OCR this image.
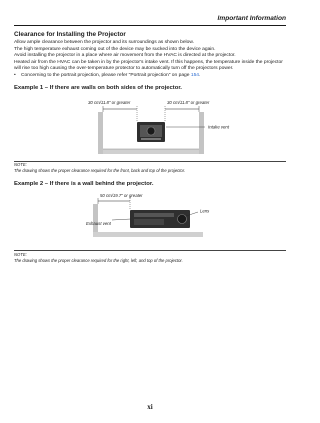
Important Information
Clearance for Installing the Projector
Allow ample clearance between the projector and its surroundings as shown below.
The high temperature exhaust coming out of the device may be sucked into the device again.
Avoid installing the projector in a place where air movement from the HVAC is directed at the projector.
Heated air from the HVAC can be taken in by the projector's intake vent. If this happens, the temperature inside the projector will rise too high causing the over-temperature protector to automatically turn off the projectors power.
• Concerning to the portrait projection, please refer "Portrait projection" on page 154.
Example 1 – If there are walls on both sides of the projector.
30 cm/11.8" or greater	30 cm/11.8" or greater
Intake vent
NOTE:
The drawing shows the proper clearance required for the front, back and top of the projector.
Example 2 – If there is a wall behind the projector.
50 cm/19.7" or greater
Lens
Exhaust vent
NOTE:
The drawing shows the proper clearance required for the right, left, and top of the projector.
xi
